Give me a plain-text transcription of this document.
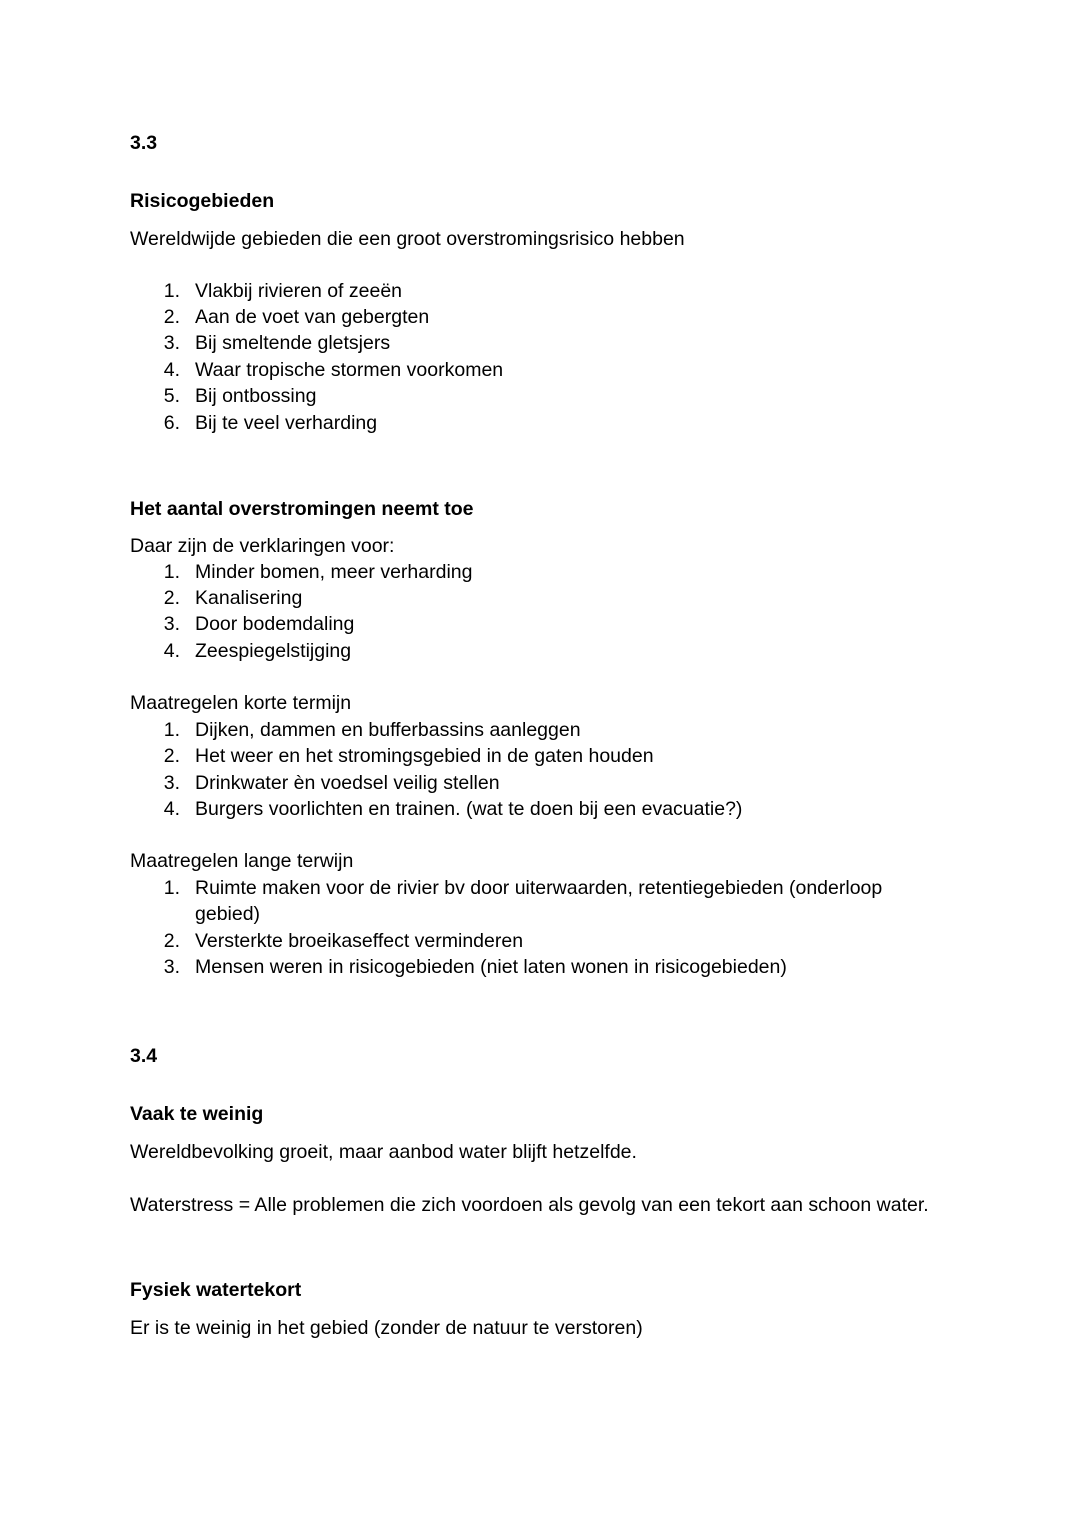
3.3
Risicogebieden
Wereldwijde gebieden die een groot overstromingsrisico hebben
1. Vlakbij rivieren of zeeën
2. Aan de voet van gebergten
3. Bij smeltende gletsjers
4. Waar tropische stormen voorkomen
5. Bij ontbossing
6. Bij te veel verharding
Het aantal overstromingen neemt toe
Daar zijn de verklaringen voor:
1. Minder bomen, meer verharding
2. Kanalisering
3. Door bodemdaling
4. Zeespiegelstijging
Maatregelen korte termijn
1. Dijken, dammen en bufferbassins aanleggen
2. Het weer en het stromingsgebied in de gaten houden
3. Drinkwater èn voedsel veilig stellen
4. Burgers voorlichten en trainen. (wat te doen bij een evacuatie?)
Maatregelen lange terwijn
1. Ruimte maken voor de rivier bv door uiterwaarden, retentiegebieden (onderloop
gebied)
2. Versterkte broeikaseffect verminderen
3. Mensen weren in risicogebieden (niet laten wonen in risicogebieden)
3.4
Vaak te weinig
Wereldbevolking groeit, maar aanbod water blijft hetzelfde.
Waterstress = Alle problemen die zich voordoen als gevolg van een tekort aan schoon water.
Fysiek watertekort
Er is te weinig in het gebied (zonder de natuur te verstoren)
